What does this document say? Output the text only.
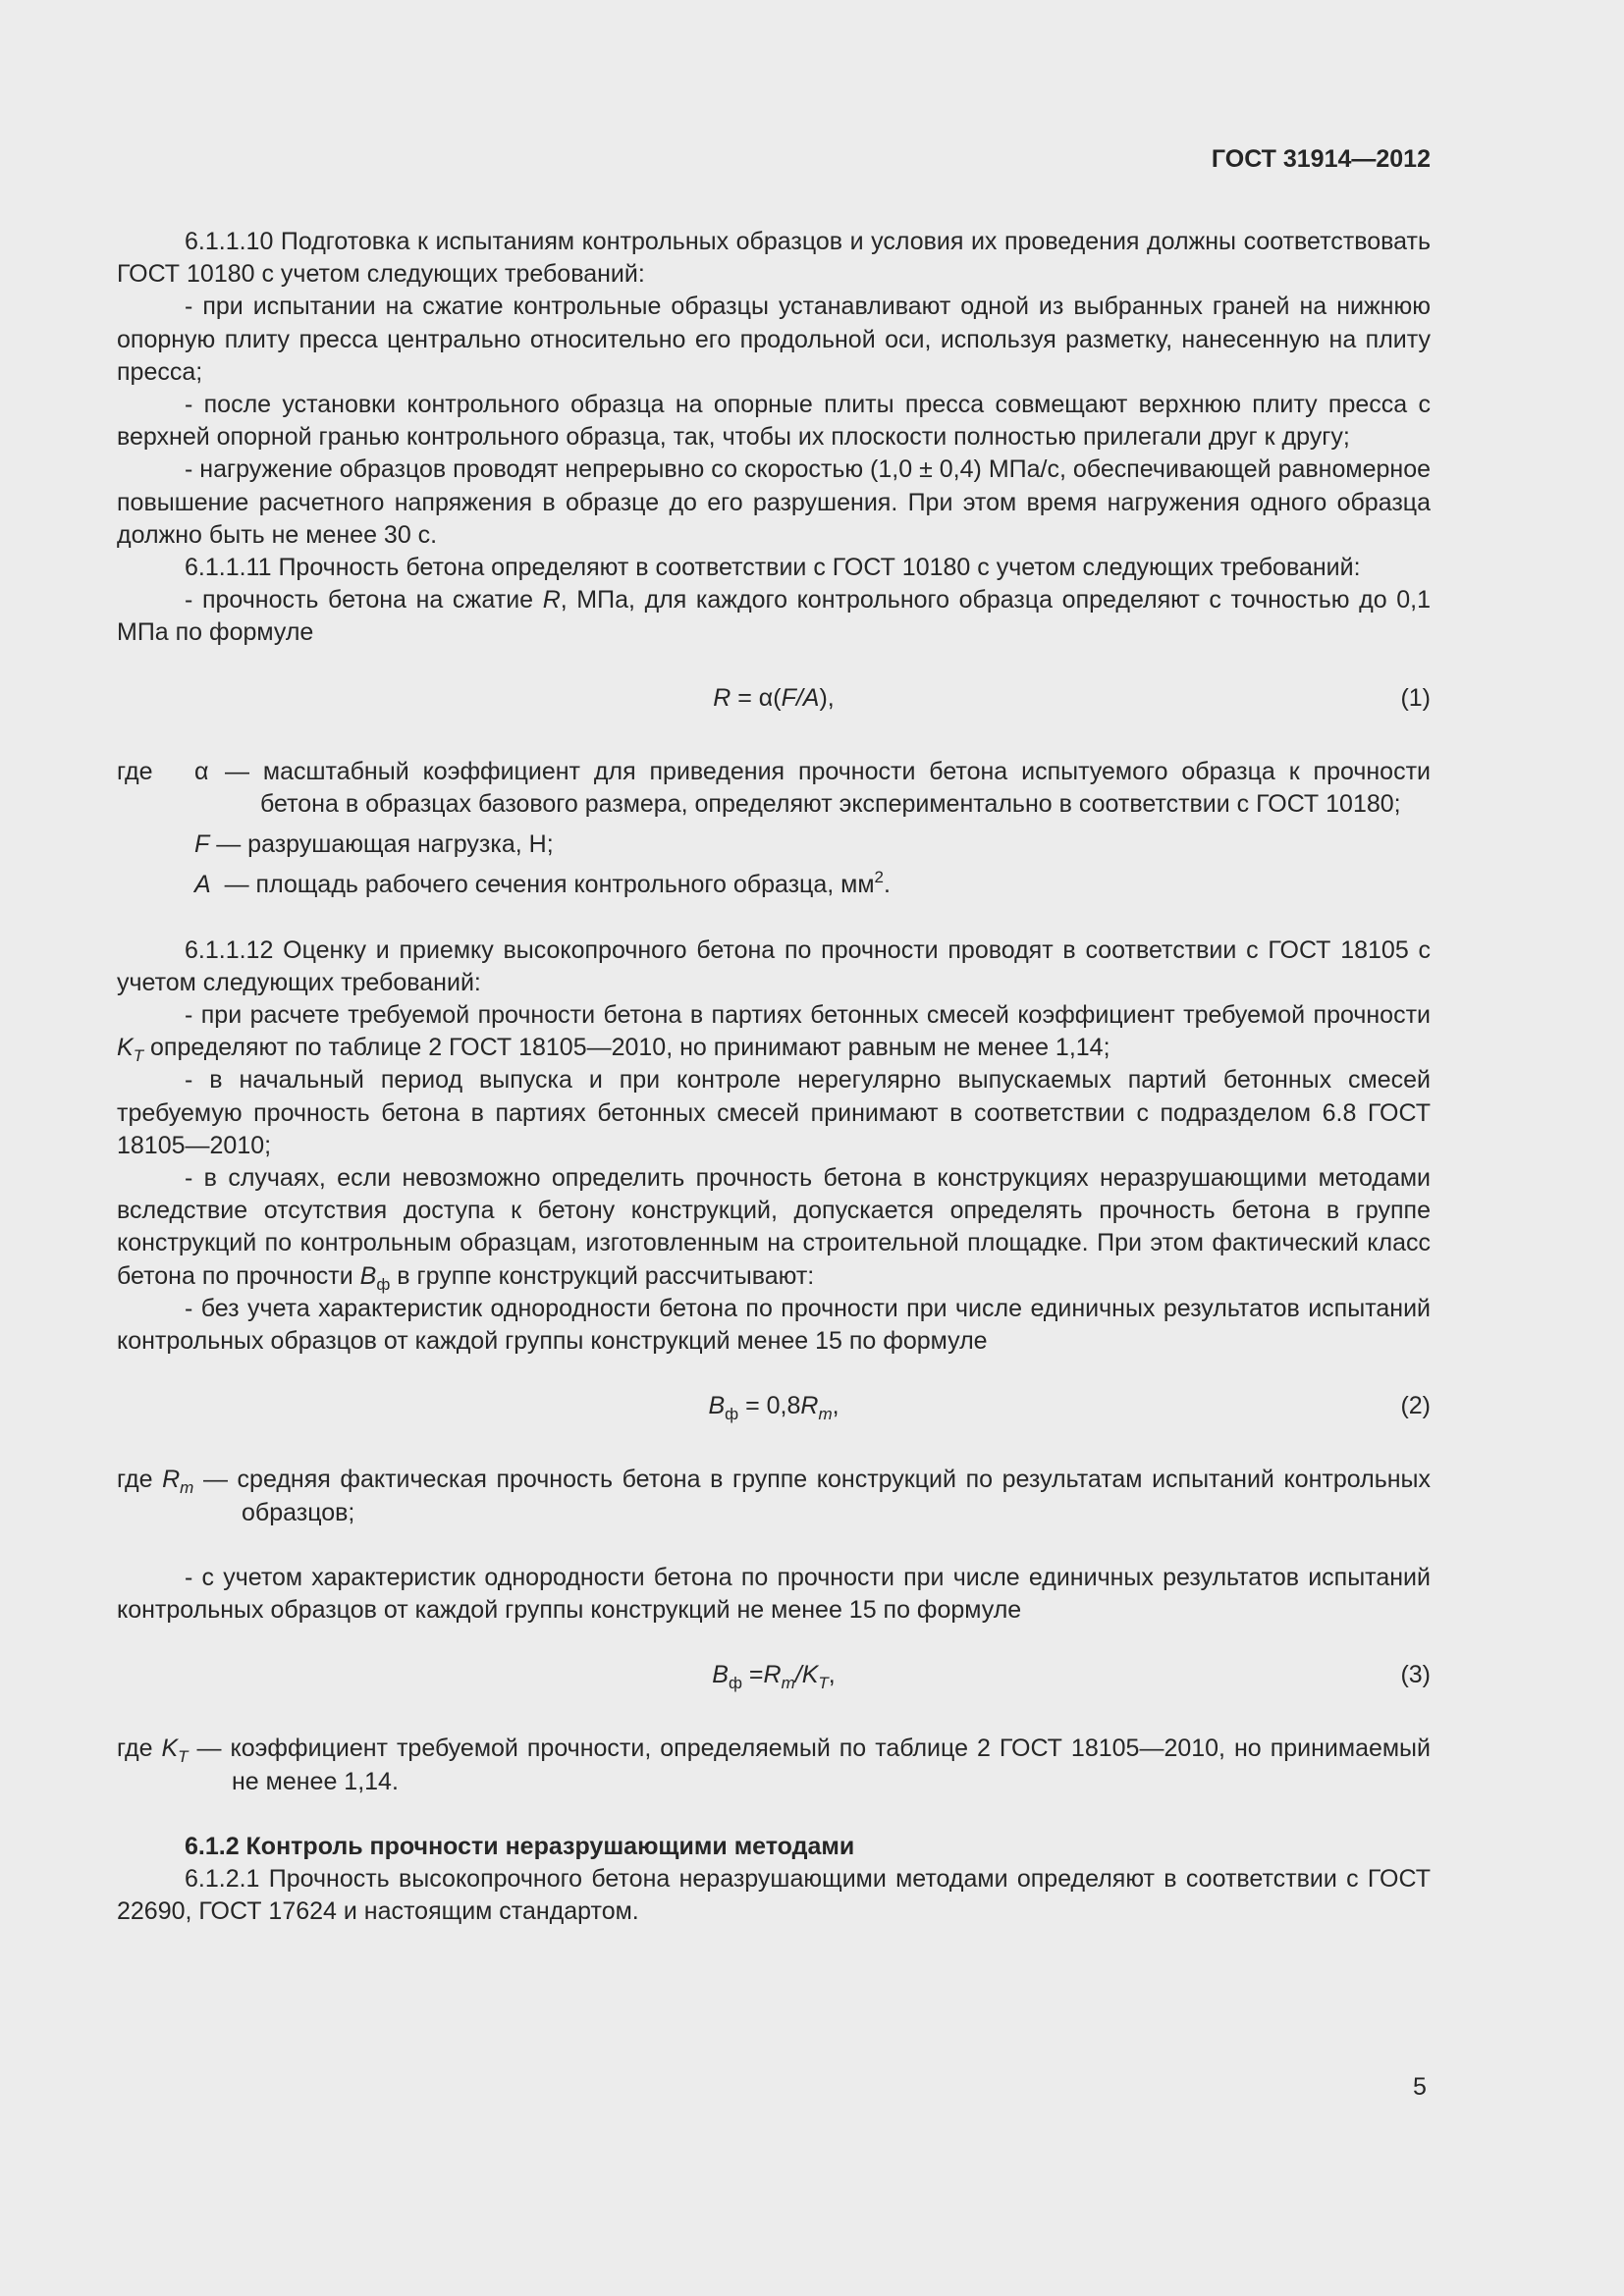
ГОСТ 31914—2012

6.1.1.10 Подготовка к испытаниям контрольных образцов и условия их проведения должны соответствовать ГОСТ 10180 с учетом следующих требований:

- при испытании на сжатие контрольные образцы устанавливают одной из выбранных граней на нижнюю опорную плиту пресса центрально относительно его продольной оси, используя разметку, нанесенную на плиту пресса;

- после установки контрольного образца на опорные плиты пресса совмещают верхнюю плиту пресса с верхней опорной гранью контрольного образца, так, чтобы их плоскости полностью прилегали друг к другу;

- нагружение образцов проводят непрерывно со скоростью (1,0 ± 0,4) МПа/с, обеспечивающей равномерное повышение расчетного напряжения в образце до его разрушения. При этом время нагружения одного образца должно быть не менее 30 с.

6.1.1.11 Прочность бетона определяют в соответствии с ГОСТ 10180 с учетом следующих требований:

- прочность бетона на сжатие R, МПа, для каждого контрольного образца определяют с точностью до 0,1 МПа по формуле

R = α(F/A),	(1)
где α — масштабный коэффициент для приведения прочности бетона испытуемого образца к прочности бетона в образцах базового размера, определяют экспериментально в соответствии с ГОСТ 10180;
F — разрушающая нагрузка, Н;
A — площадь рабочего сечения контрольного образца, $мм^2$.

6.1.1.12 Оценку и приемку высокопрочного бетона по прочности проводят в соответствии с ГОСТ 18105 с учетом следующих требований:

- при расчете требуемой прочности бетона в партиях бетонных смесей коэффициент требуемой прочности $K_T$ определяют по таблице 2 ГОСТ 18105—2010, но принимают равным не менее 1,14;

- в начальный период выпуска и при контроле нерегулярно выпускаемых партий бетонных смесей требуемую прочность бетона в партиях бетонных смесей принимают в соответствии с подразделом 6.8 ГОСТ 18105—2010;

- в случаях, если невозможно определить прочность бетона в конструкциях неразрушающими методами вследствие отсутствия доступа к бетону конструкций, допускается определять прочность бетона в группе конструкций по контрольным образцам, изготовленным на строительной площадке. При этом фактический класс бетона по прочности $B_ф$ в группе конструкций рассчитывают:

- без учета характеристик однородности бетона по прочности при числе единичных результатов испытаний контрольных образцов от каждой группы конструкций менее 15 по формуле

$B_ф = 0,8R_m$,	(2)
где $R_m$ — средняя фактическая прочность бетона в группе конструкций по результатам испытаний контрольных образцов;

- с учетом характеристик однородности бетона по прочности при числе единичных результатов испытаний контрольных образцов от каждой группы конструкций не менее 15 по формуле

$B_ф =R_m/K_T$,	(3)
где $K_T$ — коэффициент требуемой прочности, определяемый по таблице 2 ГОСТ 18105—2010, но принимаемый не менее 1,14.

6.1.2 Контроль прочности неразрушающими методами

6.1.2.1 Прочность высокопрочного бетона неразрушающими методами определяют в соответствии с ГОСТ 22690, ГОСТ 17624 и настоящим стандартом.

5
